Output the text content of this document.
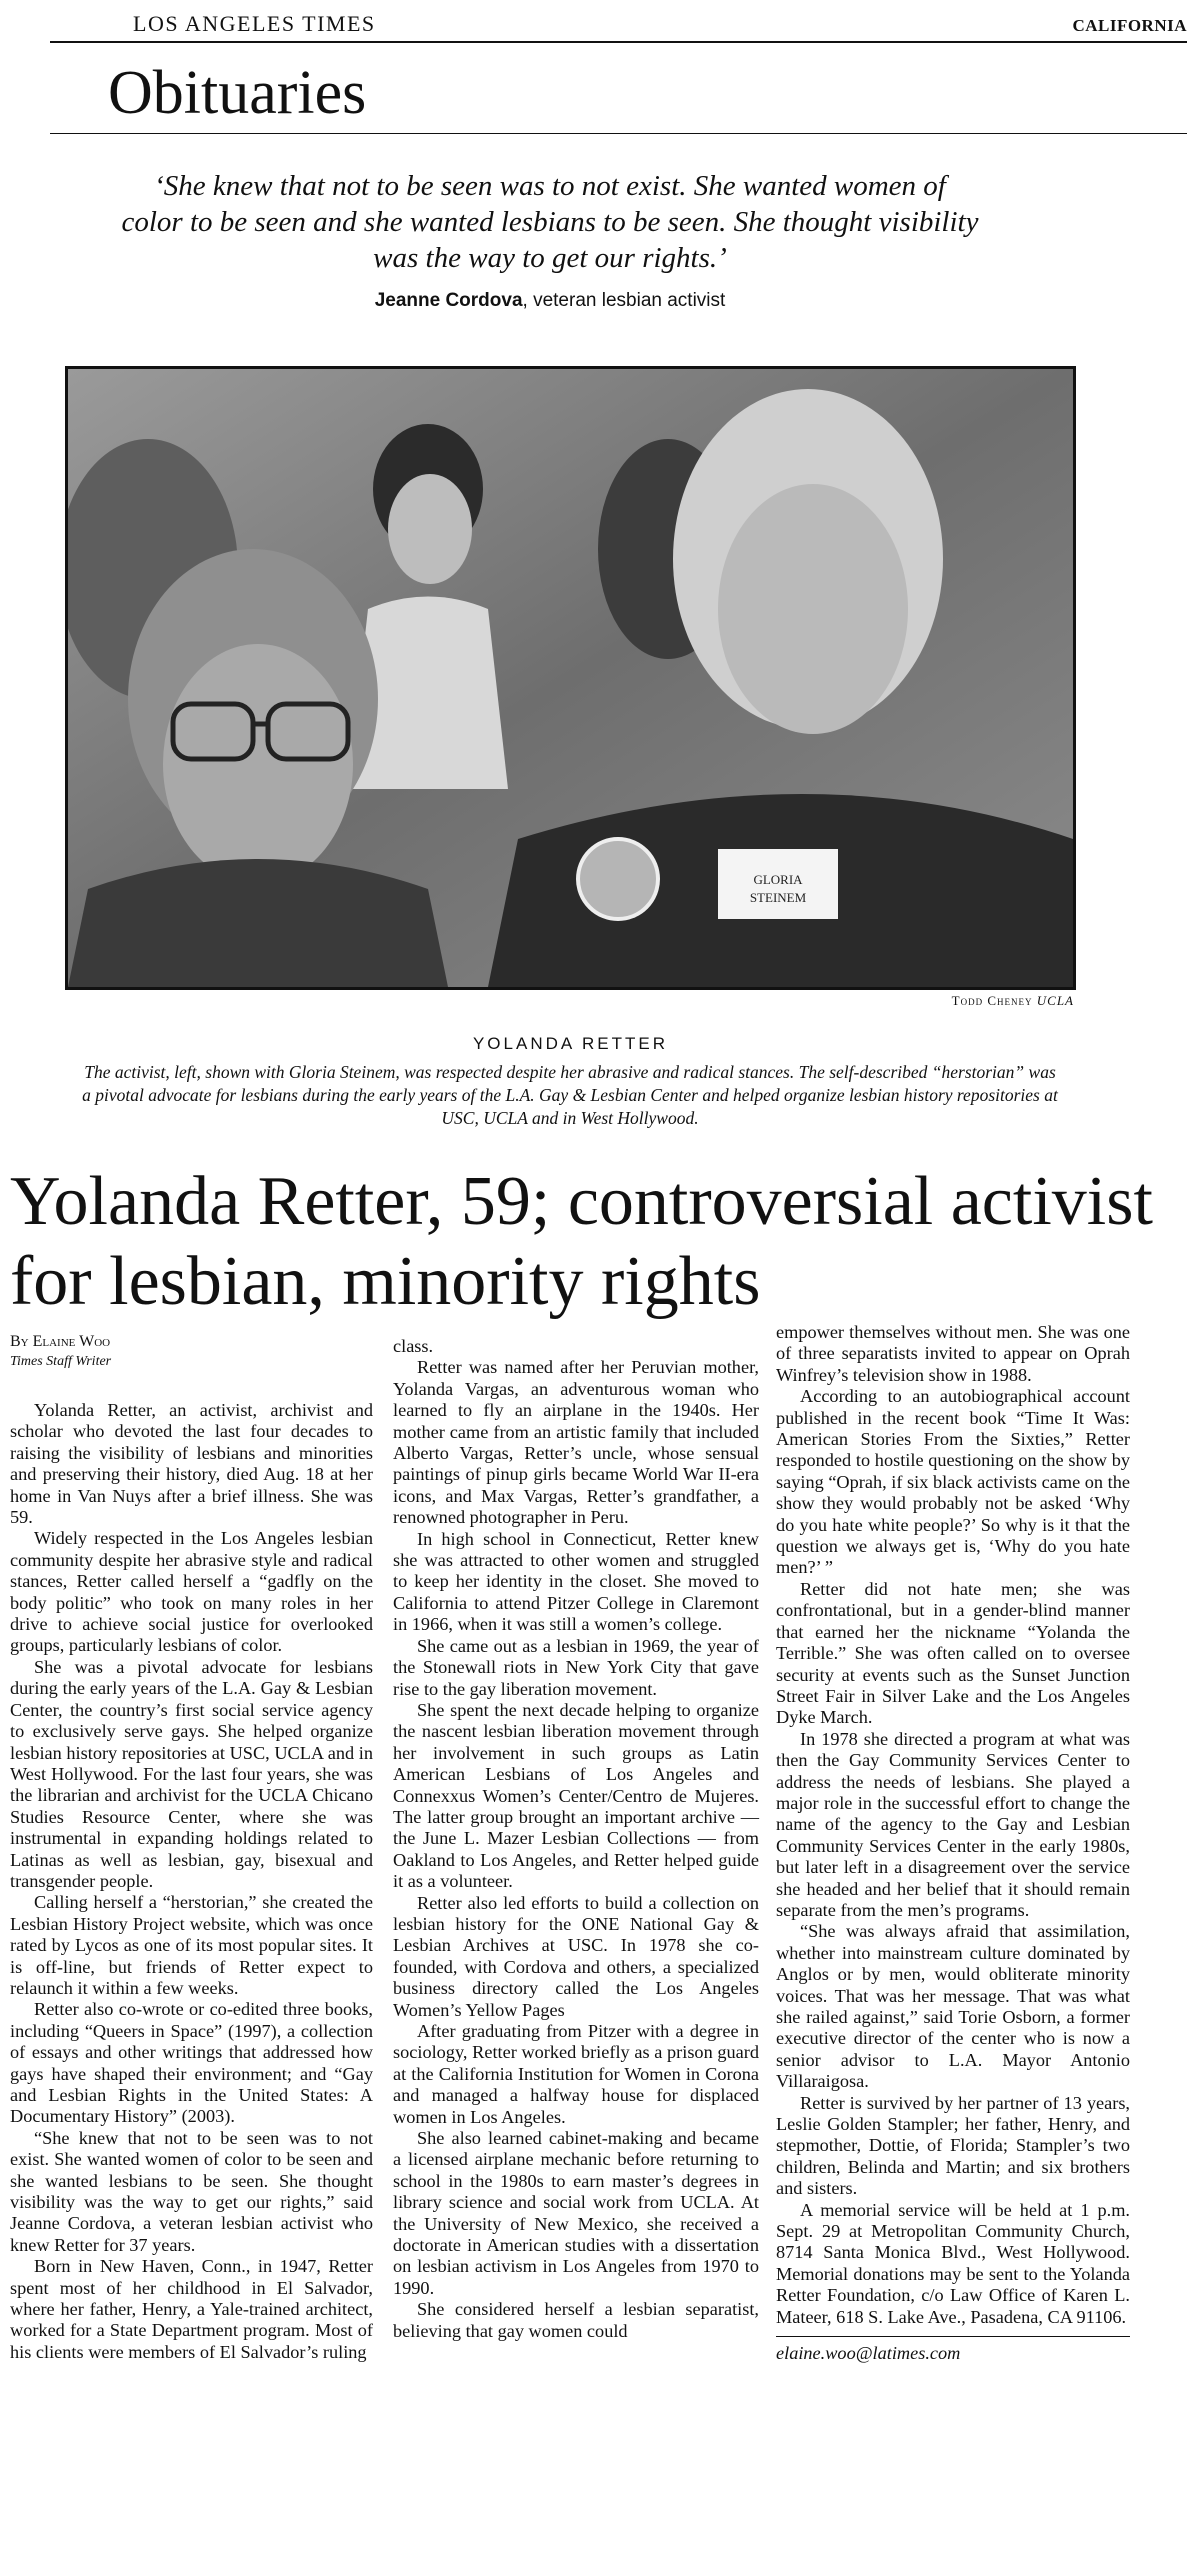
LOS ANGELES TIMES	CALIFORNIA
Obituaries
‘She knew that not to be seen was to not exist. She wanted women of color to be seen and she wanted lesbians to be seen. She thought visibility was the way to get our rights.’
Jeanne Cordova, veteran lesbian activist
GLORIA
STEINEM
Todd Cheney UCLA
YOLANDA RETTER
The activist, left, shown with Gloria Steinem, was respected despite her abrasive and radical stances. The self-described “herstorian” was a pivotal advocate for lesbians during the early years of the L.A. Gay & Lesbian Center and helped organize lesbian history repositories at USC, UCLA and in West Hollywood.
Yolanda Retter, 59; controversial activist for lesbian, minority rights
By Elaine Woo
Times Staff Writer

Yolanda Retter, an activist, archivist and scholar who devoted the last four decades to raising the visibility of lesbians and minorities and preserving their history, died Aug. 18 at her home in Van Nuys after a brief illness. She was 59.

Widely respected in the Los Angeles lesbian community despite her abrasive style and radical stances, Retter called herself a “gadfly on the body politic” who took on many roles in her drive to achieve social justice for overlooked groups, particularly lesbians of color.

She was a pivotal advocate for lesbians during the early years of the L.A. Gay & Lesbian Center, the country’s first social service agency to exclusively serve gays. She helped organize lesbian history repositories at USC, UCLA and in West Hollywood. For the last four years, she was the librarian and archivist for the UCLA Chicano Studies Resource Center, where she was instrumental in expanding holdings related to Latinas as well as lesbian, gay, bisexual and transgender people.

Calling herself a “herstorian,” she created the Lesbian History Project website, which was once rated by Lycos as one of its most popular sites. It is off-line, but friends of Retter expect to relaunch it within a few weeks.

Retter also co-wrote or co-edited three books, including “Queers in Space” (1997), a collection of essays and other writings that addressed how gays have shaped their environment; and “Gay and Lesbian Rights in the United States: A Documentary History” (2003).

“She knew that not to be seen was to not exist. She wanted women of color to be seen and she wanted lesbians to be seen. She thought visibility was the way to get our rights,” said Jeanne Cordova, a veteran lesbian activist who knew Retter for 37 years.

Born in New Haven, Conn., in 1947, Retter spent most of her childhood in El Salvador, where her father, Henry, a Yale-trained architect, worked for a State Department program. Most of his clients were members of El Salvador’s ruling

class.

Retter was named after her Peruvian mother, Yolanda Vargas, an adventurous woman who learned to fly an airplane in the 1940s. Her mother came from an artistic family that included Alberto Vargas, Retter’s uncle, whose sensual paintings of pinup girls became World War II-era icons, and Max Vargas, Retter’s grandfather, a renowned photographer in Peru.

In high school in Connecticut, Retter knew she was attracted to other women and struggled to keep her identity in the closet. She moved to California to attend Pitzer College in Claremont in 1966, when it was still a women’s college.

She came out as a lesbian in 1969, the year of the Stonewall riots in New York City that gave rise to the gay liberation movement.

She spent the next decade helping to organize the nascent lesbian liberation movement through her involvement in such groups as Latin American Lesbians of Los Angeles and Connexxus Women’s Center/Centro de Mujeres. The latter group brought an important archive — the June L. Mazer Lesbian Collections — from Oakland to Los Angeles, and Retter helped guide it as a volunteer.

Retter also led efforts to build a collection on lesbian history for the ONE National Gay & Lesbian Archives at USC. In 1978 she co-founded, with Cordova and others, a specialized business directory called the Los Angeles Women’s Yellow Pages

After graduating from Pitzer with a degree in sociology, Retter worked briefly as a prison guard at the California Institution for Women in Corona and managed a halfway house for displaced women in Los Angeles.

She also learned cabinet-making and became a licensed airplane mechanic before returning to school in the 1980s to earn master’s degrees in library science and social work from UCLA. At the University of New Mexico, she received a doctorate in American studies with a dissertation on lesbian activism in Los Angeles from 1970 to 1990.

She considered herself a lesbian separatist, believing that gay women could

empower themselves without men. She was one of three separatists invited to appear on Oprah Winfrey’s television show in 1988.

According to an autobiographical account published in the recent book “Time It Was: American Stories From the Sixties,” Retter responded to hostile questioning on the show by saying “Oprah, if six black activists came on the show they would probably not be asked ‘Why do you hate white people?’ So why is it that the question we always get is, ‘Why do you hate men?’ ”

Retter did not hate men; she was confrontational, but in a gender-blind manner that earned her the nickname “Yolanda the Terrible.” She was often called on to oversee security at events such as the Sunset Junction Street Fair in Silver Lake and the Los Angeles Dyke March.

In 1978 she directed a program at what was then the Gay Community Services Center to address the needs of lesbians. She played a major role in the successful effort to change the name of the agency to the Gay and Lesbian Community Services Center in the early 1980s, but later left in a disagreement over the service she headed and her belief that it should remain separate from the men’s programs.

“She was always afraid that assimilation, whether into mainstream culture dominated by Anglos or by men, would obliterate minority voices. That was her message. That was what she railed against,” said Torie Osborn, a former executive director of the center who is now a senior advisor to L.A. Mayor Antonio Villaraigosa.

Retter is survived by her partner of 13 years, Leslie Golden Stampler; her father, Henry, and stepmother, Dottie, of Florida; Stampler’s two children, Belinda and Martin; and six brothers and sisters.

A memorial service will be held at 1 p.m. Sept. 29 at Metropolitan Community Church, 8714 Santa Monica Blvd., West Hollywood. Memorial donations may be sent to the Yolanda Retter Foundation, c/o Law Office of Karen L. Mateer, 618 S. Lake Ave., Pasadena, CA 91106.

elaine.woo@latimes.com
